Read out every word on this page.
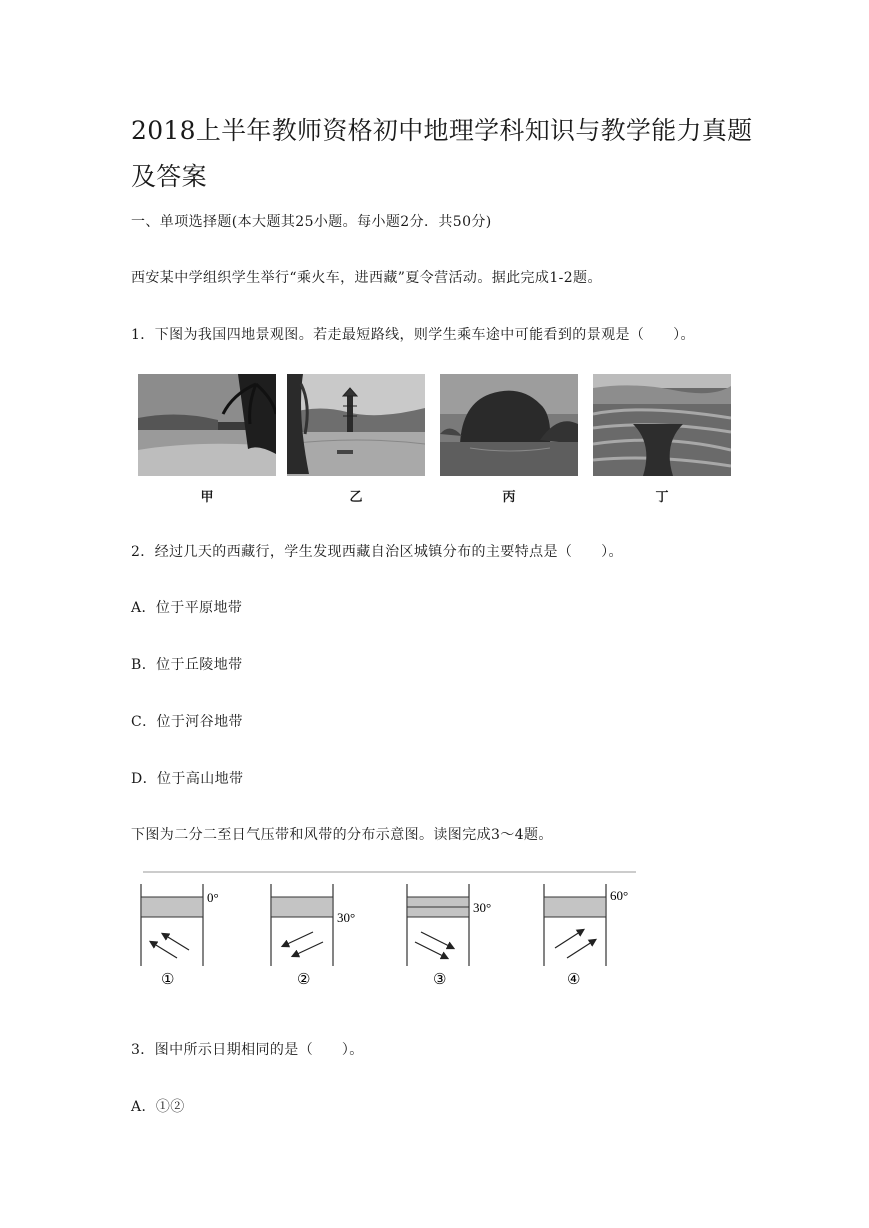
2018上半年教师资格初中地理学科知识与教学能力真题及答案
一、单项选择题(本大题其25小题。每小题2分．共50分)
西安某中学组织学生举行“乘火车，进西藏”夏令营活动。据此完成1-2题。
1．下图为我国四地景观图。若走最短路线，则学生乘车途中可能看到的景观是（　　）。
甲	乙	丙	丁
2．经过几天的西藏行，学生发现西藏自治区城镇分布的主要特点是（　　）。
A．位于平原地带
B．位于丘陵地带
C．位于河谷地带
D．位于高山地带
下图为二分二至日气压带和风带的分布示意图。读图完成3～4题。
0°
①
30°
②
30°
③
60°
④
3．图中所示日期相同的是（　　）。
A．①②
